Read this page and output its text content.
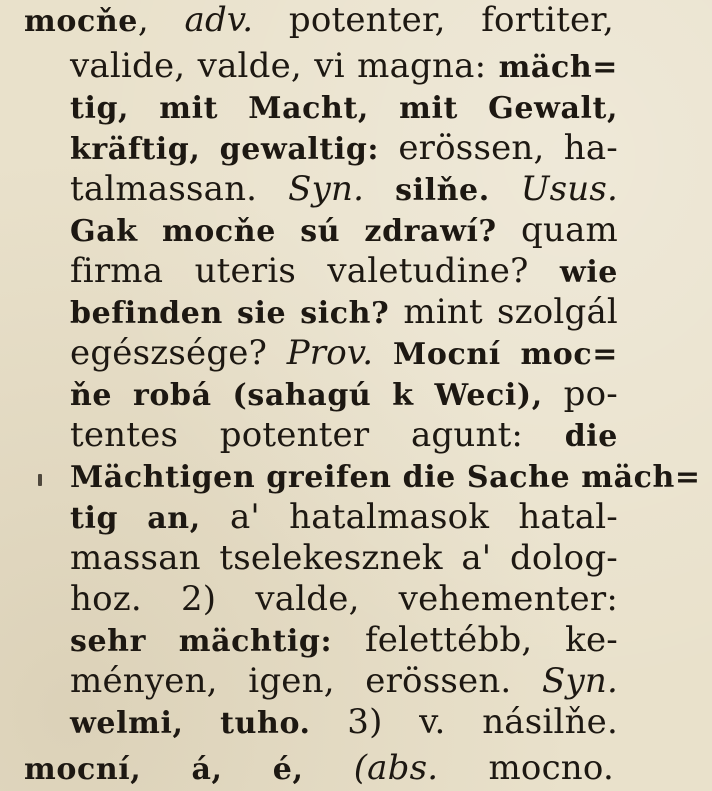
mocňe, adv. potenter, fortiter,
valide, valde, vi magna: mäch=
tig, mit Macht, mit Gewalt,
kräftig, gewaltig: erössen, ha-
talmassan. Syn. silňe. Usus.
Gak mocňe sú zdrawí? quam
firma uteris valetudine? wie
befinden sie sich? mint szolgál
egészsége? Prov. Mocní moc=
ňe robá (sahagú k Weci), po-
tentes potenter agunt: die
Mächtigen greifen die Sache mäch=
tig an, a' hatalmasok hatal-
massan tselekesznek a' dolog-
hoz. 2) valde, vehementer:
sehr mächtig: felettébb, ke-
ményen, igen, erössen. Syn.
welmi, tuho. 3) v. násilňe.
mocní, á, é, (abs. mocno.
